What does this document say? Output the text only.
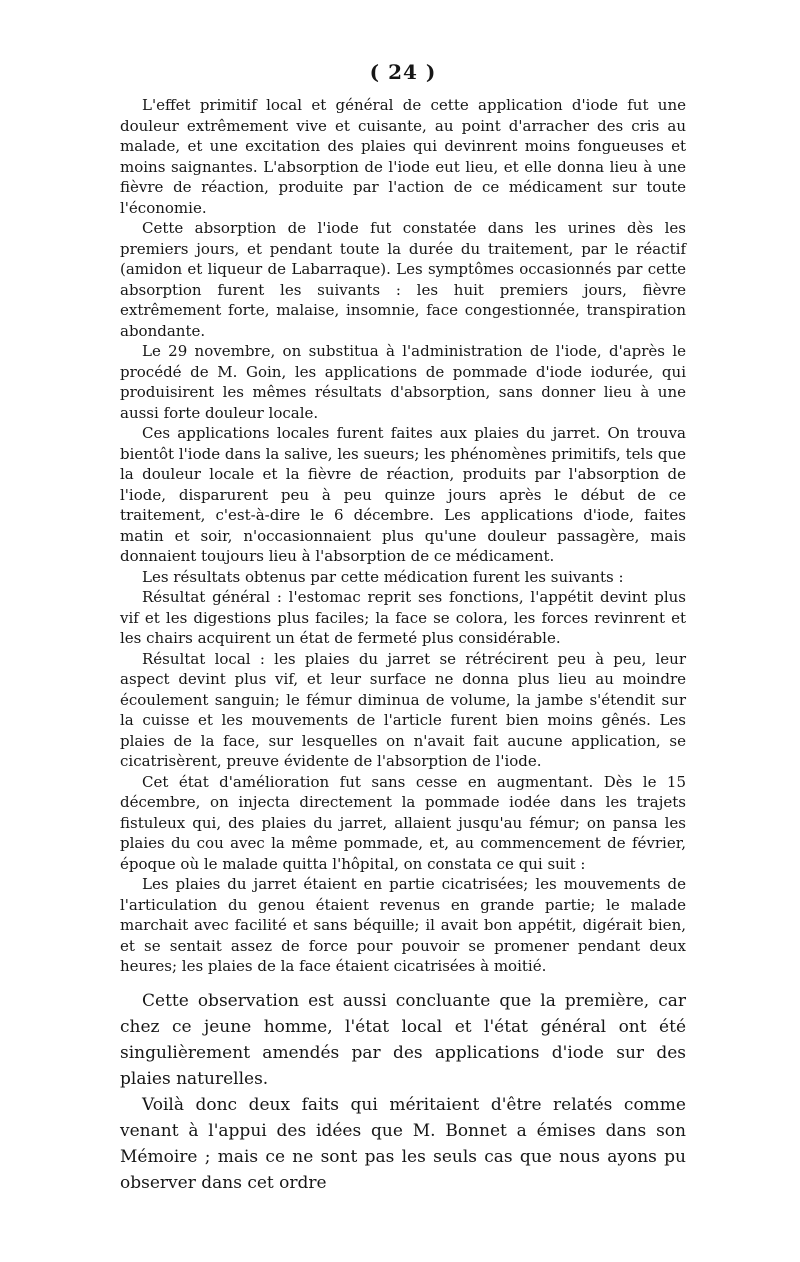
( 24 )

L'effet primitif local et général de cette application d'iode fut une douleur extrêmement vive et cuisante, au point d'arracher des cris au malade, et une excitation des plaies qui devinrent moins fongueuses et moins saignantes. L'absorption de l'iode eut lieu, et elle donna lieu à une fièvre de réaction, produite par l'action de ce médicament sur toute l'économie.

Cette absorption de l'iode fut constatée dans les urines dès les premiers jours, et pendant toute la durée du traitement, par le réactif (amidon et liqueur de Labarraque). Les symptômes occasionnés par cette absorption furent les suivants : les huit premiers jours, fièvre extrêmement forte, malaise, insomnie, face congestionnée, transpiration abondante.

Le 29 novembre, on substitua à l'administration de l'iode, d'après le procédé de M. Goin, les applications de pommade d'iode iodurée, qui produisirent les mêmes résultats d'absorption, sans donner lieu à une aussi forte douleur locale.

Ces applications locales furent faites aux plaies du jarret. On trouva bientôt l'iode dans la salive, les sueurs; les phénomènes primitifs, tels que la douleur locale et la fièvre de réaction, produits par l'absorption de l'iode, disparurent peu à peu quinze jours après le début de ce traitement, c'est-à-dire le 6 décembre. Les applications d'iode, faites matin et soir, n'occasionnaient plus qu'une douleur passagère, mais donnaient toujours lieu à l'absorption de ce médicament.

Les résultats obtenus par cette médication furent les suivants :

Résultat général : l'estomac reprit ses fonctions, l'appétit devint plus vif et les digestions plus faciles; la face se colora, les forces revinrent et les chairs acquirent un état de fermeté plus considérable.

Résultat local : les plaies du jarret se rétrécirent peu à peu, leur aspect devint plus vif, et leur surface ne donna plus lieu au moindre écoulement sanguin; le fémur diminua de volume, la jambe s'étendit sur la cuisse et les mouvements de l'article furent bien moins gênés. Les plaies de la face, sur lesquelles on n'avait fait aucune application, se cicatrisèrent, preuve évidente de l'absorption de l'iode.

Cet état d'amélioration fut sans cesse en augmentant. Dès le 15 décembre, on injecta directement la pommade iodée dans les trajets fistuleux qui, des plaies du jarret, allaient jusqu'au fémur; on pansa les plaies du cou avec la même pommade, et, au commencement de février, époque où le malade quitta l'hôpital, on constata ce qui suit :

Les plaies du jarret étaient en partie cicatrisées; les mouvements de l'articulation du genou étaient revenus en grande partie; le malade marchait avec facilité et sans béquille; il avait bon appétit, digérait bien, et se sentait assez de force pour pouvoir se promener pendant deux heures; les plaies de la face étaient cicatrisées à moitié.

Cette observation est aussi concluante que la première, car chez ce jeune homme, l'état local et l'état général ont été singulièrement amendés par des applications d'iode sur des plaies naturelles.

Voilà donc deux faits qui méritaient d'être relatés comme venant à l'appui des idées que M. Bonnet a émises dans son Mémoire ; mais ce ne sont pas les seuls cas que nous ayons pu observer dans cet ordre
